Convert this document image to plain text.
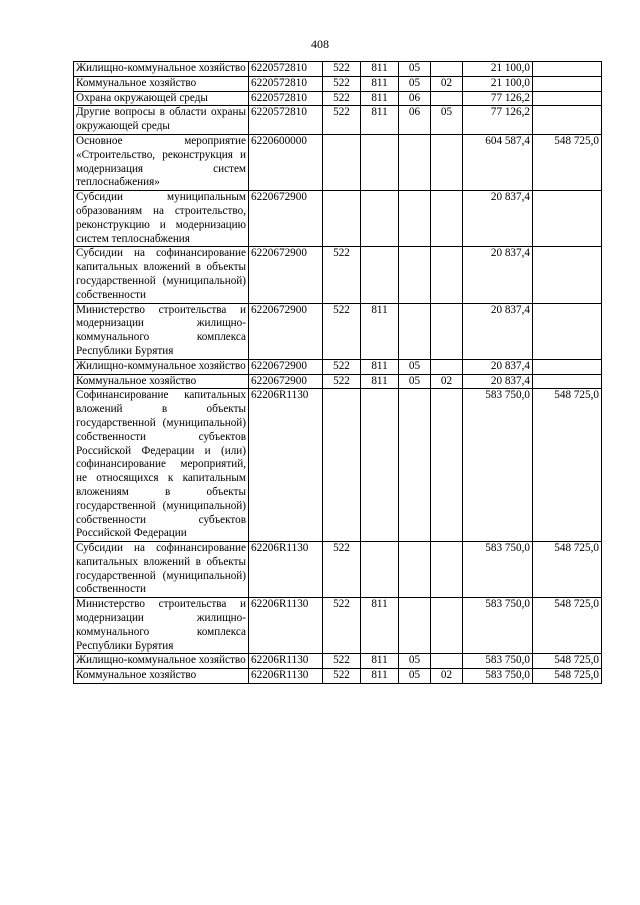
408
Жилищно-коммунальное хозяйство	6220572810	522	811	05		21 100,0	
Коммунальное хозяйство	6220572810	522	811	05	02	21 100,0	
Охрана окружающей среды	6220572810	522	811	06		77 126,2	
Другие вопросы в области охраны окружающей среды	6220572810	522	811	06	05	77 126,2	
Основное мероприятие «Строительство, реконструкция и модернизация систем теплоснабжения»	6220600000					604 587,4	548 725,0
Субсидии муниципальным образованиям на строительство, реконструкцию и модернизацию систем теплоснабжения	6220672900					20 837,4	
Субсидии на софинансирование капитальных вложений в объекты государственной (муниципальной) собственности	6220672900	522				20 837,4	
Министерство строительства и модернизации жилищно-коммунального комплекса Республики Бурятия	6220672900	522	811			20 837,4	
Жилищно-коммунальное хозяйство	6220672900	522	811	05		20 837,4	
Коммунальное хозяйство	6220672900	522	811	05	02	20 837,4	
Софинансирование капитальных вложений в объекты государственной (муниципальной) собственности субъектов Российской Федерации и (или) софинансирование мероприятий, не относящихся к капитальным вложениям в объекты государственной (муниципальной) собственности субъектов Российской Федерации	62206R1130					583 750,0	548 725,0
Субсидии на софинансирование капитальных вложений в объекты государственной (муниципальной) собственности	62206R1130	522				583 750,0	548 725,0
Министерство строительства и модернизации жилищно-коммунального комплекса Республики Бурятия	62206R1130	522	811			583 750,0	548 725,0
Жилищно-коммунальное хозяйство	62206R1130	522	811	05		583 750,0	548 725,0
Коммунальное хозяйство	62206R1130	522	811	05	02	583 750,0	548 725,0
